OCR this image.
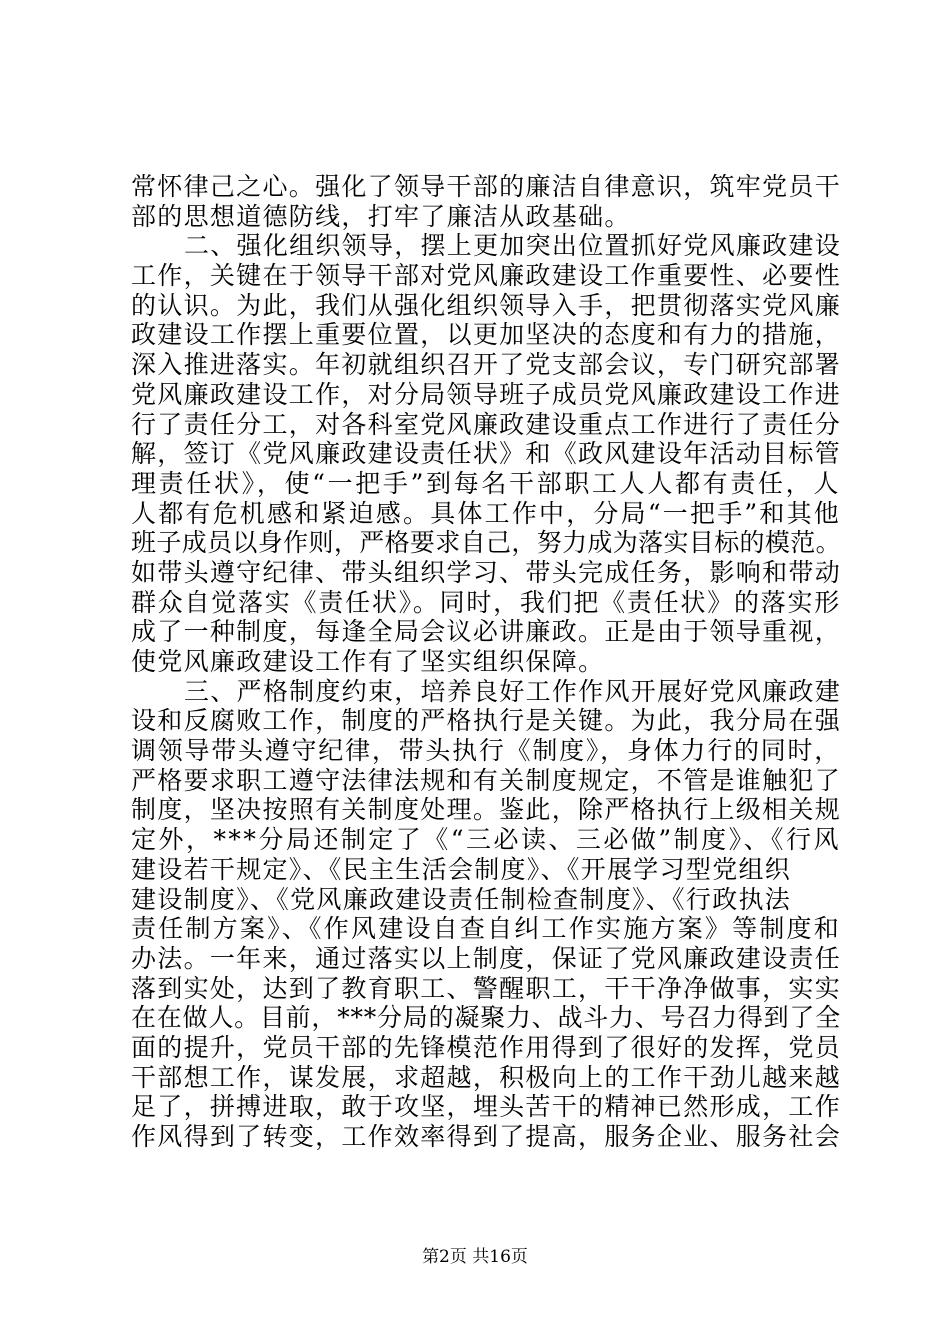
常怀律己之心。强化了领导干部的廉洁自律意识，筑牢党员干
部的思想道德防线，打牢了廉洁从政基础。
二、强化组织领导，摆上更加突出位置抓好党风廉政建设
工作，关键在于领导干部对党风廉政建设工作重要性、必要性
的认识。为此，我们从强化组织领导入手，把贯彻落实党风廉
政建设工作摆上重要位置，以更加坚决的态度和有力的措施，
深入推进落实。年初就组织召开了党支部会议，专门研究部署
党风廉政建设工作，对分局领导班子成员党风廉政建设工作进
行了责任分工，对各科室党风廉政建设重点工作进行了责任分
解，签订《党风廉政建设责任状》和《政风建设年活动目标管
理责任状》，使“一把手”到每名干部职工人人都有责任，人
人都有危机感和紧迫感。具体工作中，分局“一把手”和其他
班子成员以身作则，严格要求自己，努力成为落实目标的模范。
如带头遵守纪律、带头组织学习、带头完成任务，影响和带动
群众自觉落实《责任状》。同时，我们把《责任状》的落实形
成了一种制度，每逢全局会议必讲廉政。正是由于领导重视，
使党风廉政建设工作有了坚实组织保障。
三、严格制度约束，培养良好工作作风开展好党风廉政建
设和反腐败工作，制度的严格执行是关键。为此，我分局在强
调领导带头遵守纪律，带头执行《制度》，身体力行的同时，
严格要求职工遵守法律法规和有关制度规定，不管是谁触犯了
制度，坚决按照有关制度处理。鉴此，除严格执行上级相关规
定外，***分局还制定了《“三必读、三必做”制度》、《行风
建设若干规定》、《民主生活会制度》、《开展学习型党组织
建设制度》、《党风廉政建设责任制检查制度》、《行政执法
责任制方案》、《作风建设自查自纠工作实施方案》等制度和
办法。一年来，通过落实以上制度，保证了党风廉政建设责任
落到实处，达到了教育职工、警醒职工，干干净净做事，实实
在在做人。目前，***分局的凝聚力、战斗力、号召力得到了全
面的提升，党员干部的先锋模范作用得到了很好的发挥，党员
干部想工作，谋发展，求超越，积极向上的工作干劲儿越来越
足了，拼搏进取，敢于攻坚，埋头苦干的精神已然形成，工作
作风得到了转变，工作效率得到了提高，服务企业、服务社会
第2页 共16页
